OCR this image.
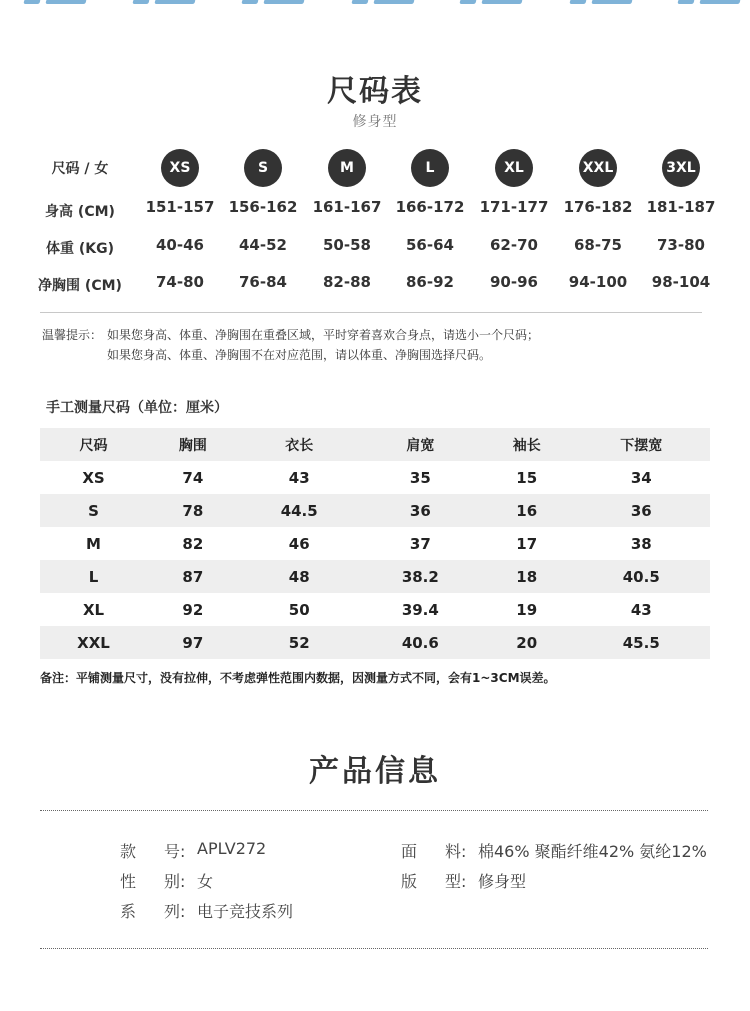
尺码表
修身型
尺码 / 女	XS	S	M	L	XL	XXL	3XL
身高 (CM)	151-157 156-162	161-167 166-172	171-177	176-182 181-187
体重 (KG)	40-46	44-52	50-58	56-64	62-70	68-75	73-80
净胸围 (CM)	74-80	76-84	82-88	86-92	90-96	94-100	98-104
温馨提示： 如果您身高、体重、净胸围在重叠区域，平时穿着喜欢合身点，请选小一个尺码；
如果您身高、体重、净胸围不在对应范围，请以体重、净胸围选择尺码。
手工测量尺码（单位：厘米）
尺码	胸围	衣长	肩宽	袖长	下摆宽
XS	74	43	35	15	34
S	78	44.5	36	16	36
M	82	46	37	17	38
L	87	48	38.2	18	40.5
XL	92	50	39.4	19	43
XXL	97	52	40.6	20	45.5
备注：平铺测量尺寸，没有拉伸，不考虑弹性范围内数据，因测量方式不同，会有1~3CM误差。
产品信息
款	号: APLV272
性	别: 女
系	列: 电子竞技系列
面	料: 棉46% 聚酯纤维42% 氨纶12%
版	型: 修身型
